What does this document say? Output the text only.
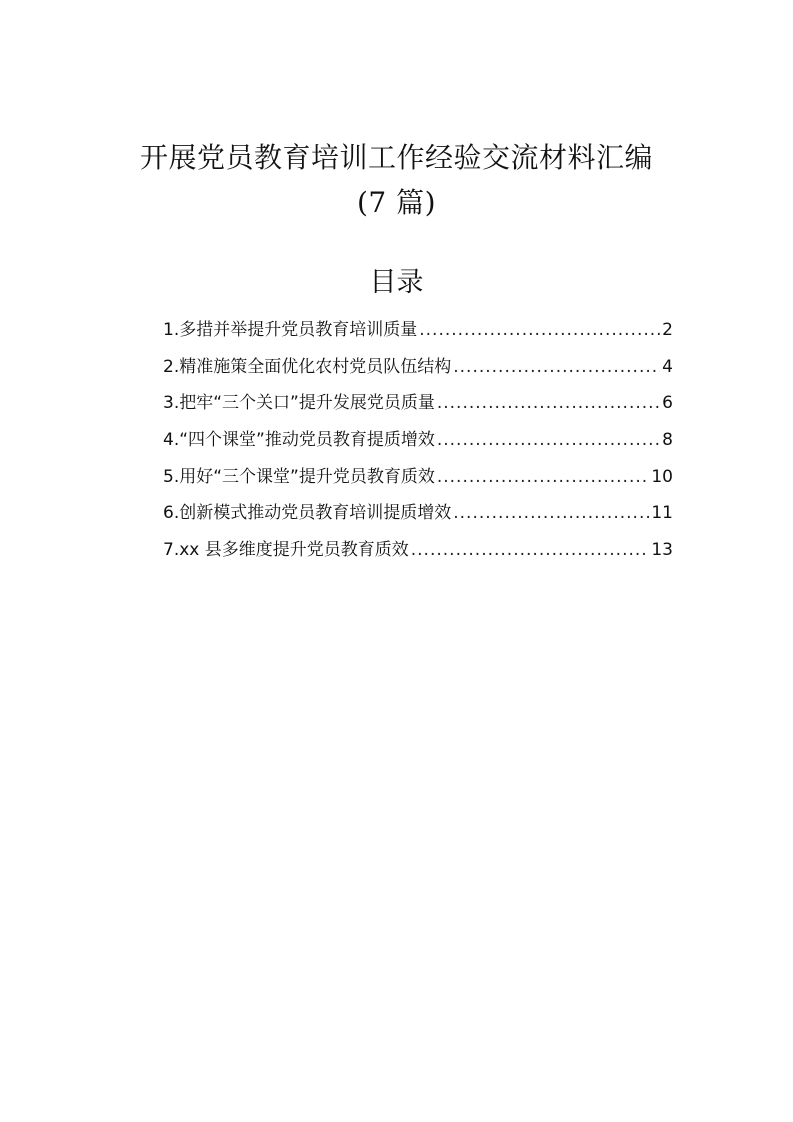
开展党员教育培训工作经验交流材料汇编
(7 篇)
目录
1.多措并举提升党员教育培训质量 .....	2
2.精准施策全面优化农村党员队伍结构 .....	4
3.把牢“三个关口”提升发展党员质量 .....	6
4.“四个课堂”推动党员教育提质增效 .....	8
5.用好“三个课堂”提升党员教育质效 .....	10
6.创新模式推动党员教育培训提质增效 .....	11
7.xx 县多维度提升党员教育质效 .....	13
